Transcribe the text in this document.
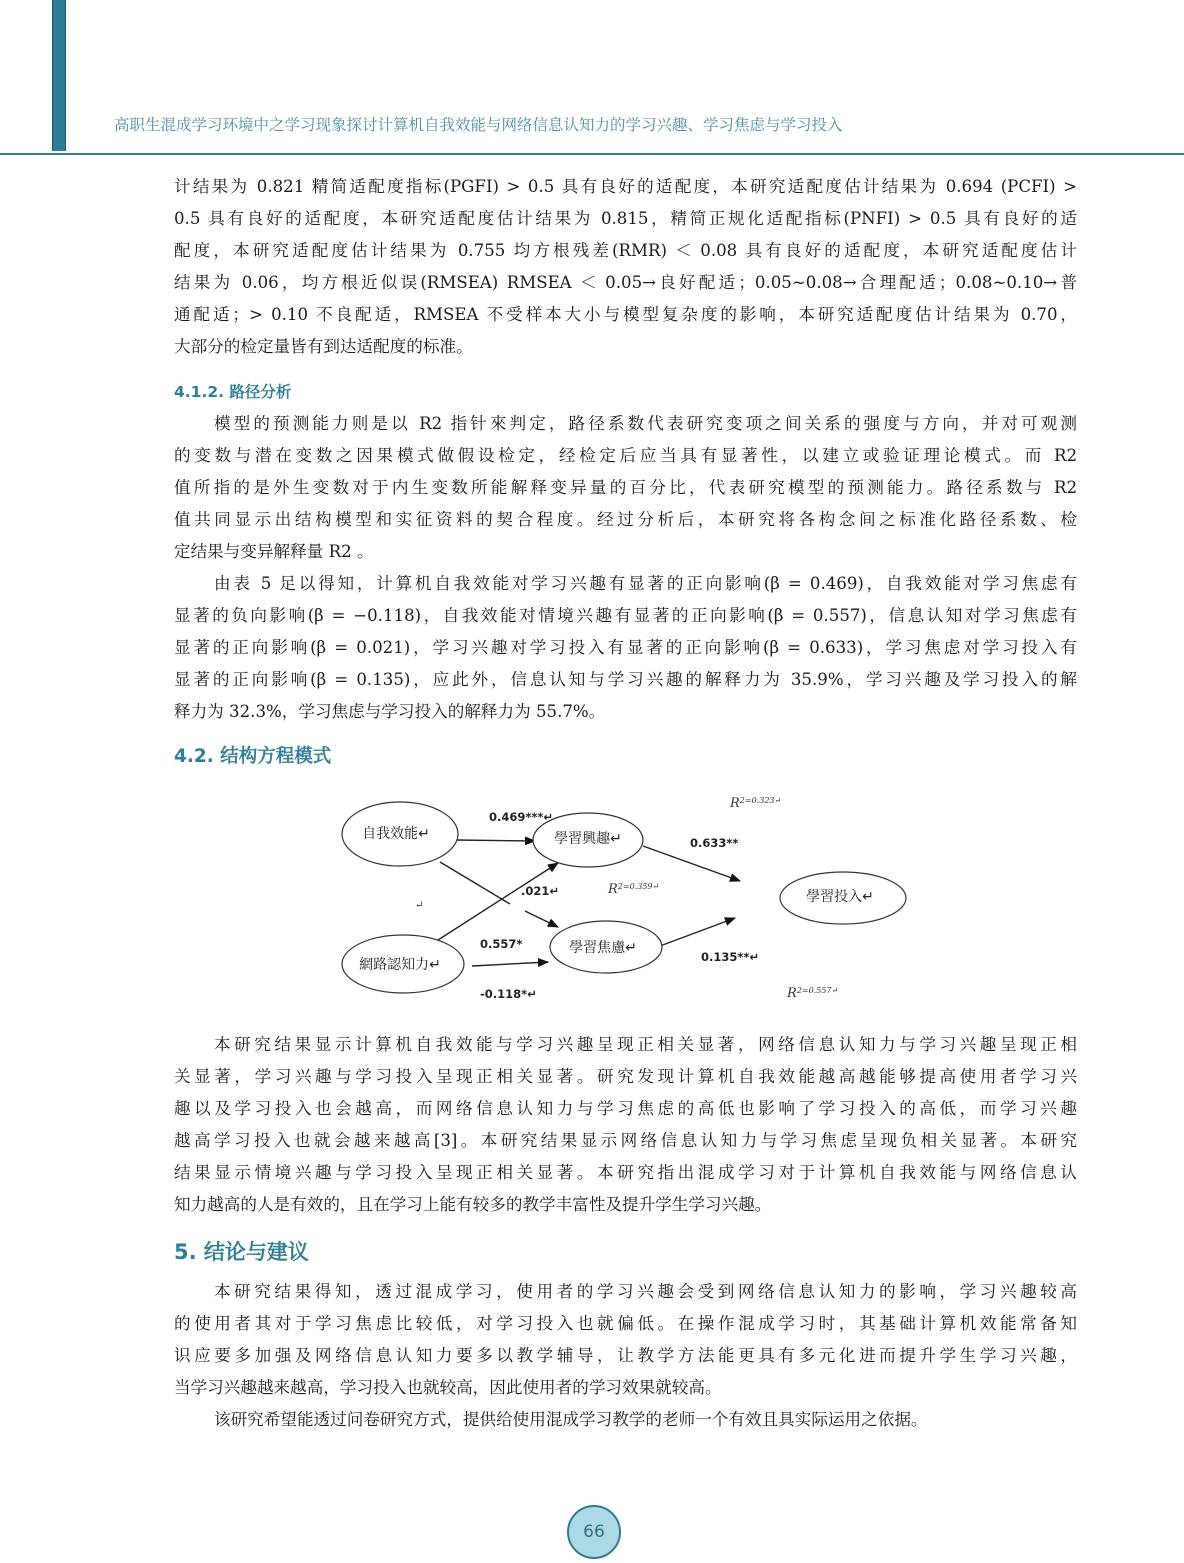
高职生混成学习环境中之学习现象探讨计算机自我效能与网络信息认知力的学习兴趣、学习焦虑与学习投入
计结果为 0.821 精简适配度指标(PGFI) > 0.5 具有良好的适配度，本研究适配度估计结果为 0.694 (PCFI) >
0.5 具有良好的适配度，本研究适配度估计结果为 0.815，精简正规化适配指标(PNFI) > 0.5 具有良好的适
配度，本研究适配度估计结果为 0.755 均方根残差(RMR) ＜ 0.08 具有良好的适配度，本研究适配度估计
结果为 0.06，均方根近似误(RMSEA) RMSEA ＜ 0.05→良好配适；0.05~0.08→合理配适；0.08~0.10→普
通配适；> 0.10 不良配适，RMSEA 不受样本大小与模型复杂度的影响，本研究适配度估计结果为 0.70，
大部分的检定量皆有到达适配度的标准。
4.1.2. 路径分析
模型的预测能力则是以 R2 指针來判定，路径系数代表研究变项之间关系的强度与方向，并对可观测
的变数与潜在变数之因果模式做假设检定，经检定后应当具有显著性，以建立或验证理论模式。而 R2
值所指的是外生变数对于内生变数所能解释变异量的百分比，代表研究模型的预测能力。路径系数与 R2
值共同显示出结构模型和实征资料的契合程度。经过分析后，本研究将各构念间之标准化路径系数、检
定结果与变异解释量 R2 。
由表 5 足以得知，计算机自我效能对学习兴趣有显著的正向影响(β = 0.469)，自我效能对学习焦虑有
显著的负向影响(β = −0.118)，自我效能对情境兴趣有显著的正向影响(β = 0.557)，信息认知对学习焦虑有
显著的正向影响(β = 0.021)，学习兴趣对学习投入有显著的正向影响(β = 0.633)，学习焦虑对学习投入有
显著的正向影响(β = 0.135)，应此外，信息认知与学习兴趣的解释力为 35.9%，学习兴趣及学习投入的解
释力为 32.3%，学习焦虑与学习投入的解释力为 55.7%。
4.2. 结构方程模式
自我效能↵	學習興趣↵
學習投入↵
學習焦慮↵
網路認知力↵
0.469***↵
.021↵
0.557*
-0.118*↵
0.633**
0.135**↵
$R^{2=0.323↵}$
$R^{2=0.359↵}$
$R^{2=0.557↵}$
↵
本研究结果显示计算机自我效能与学习兴趣呈现正相关显著，网络信息认知力与学习兴趣呈现正相
关显著，学习兴趣与学习投入呈现正相关显著。研究发现计算机自我效能越高越能够提高使用者学习兴
趣以及学习投入也会越高，而网络信息认知力与学习焦虑的高低也影响了学习投入的高低，而学习兴趣
越高学习投入也就会越来越高[3]。本研究结果显示网络信息认知力与学习焦虑呈现负相关显著。本研究
结果显示情境兴趣与学习投入呈现正相关显著。本研究指出混成学习对于计算机自我效能与网络信息认
知力越高的人是有效的，且在学习上能有较多的教学丰富性及提升学生学习兴趣。
5. 结论与建议
本研究结果得知，透过混成学习，使用者的学习兴趣会受到网络信息认知力的影响，学习兴趣较高
的使用者其对于学习焦虑比较低，对学习投入也就偏低。在操作混成学习时，其基础计算机效能常备知
识应要多加强及网络信息认知力要多以教学辅导，让教学方法能更具有多元化进而提升学生学习兴趣，
当学习兴趣越来越高，学习投入也就较高，因此使用者的学习效果就较高。
该研究希望能透过问卷研究方式，提供给使用混成学习教学的老师一个有效且具实际运用之依据。
66
